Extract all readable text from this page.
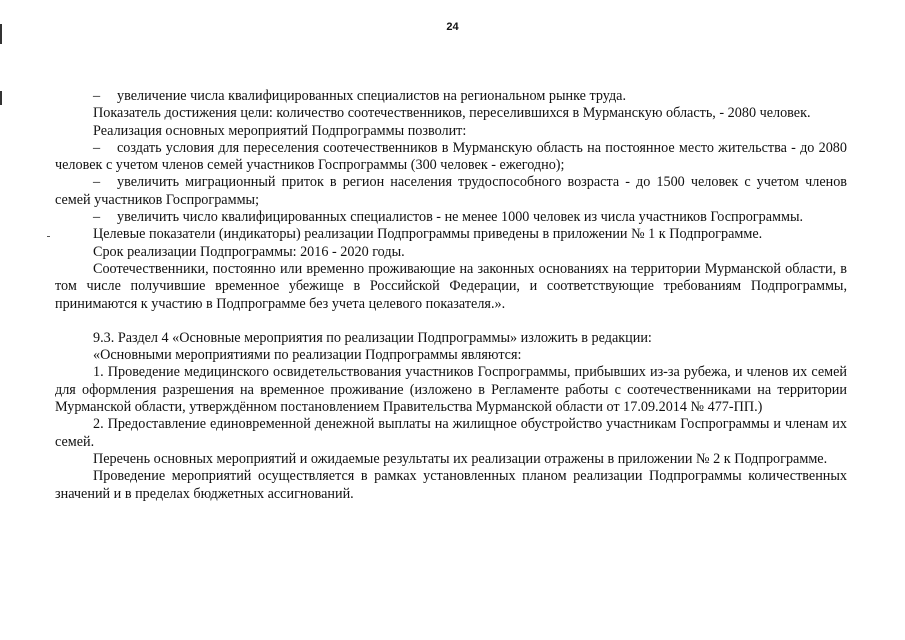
24

– увеличение числа квалифицированных специалистов на региональном рынке труда.

Показатель достижения цели: количество соотечественников, переселившихся в Мурманскую область, - 2080 человек.

Реализация основных мероприятий Подпрограммы позволит:

– создать условия для переселения соотечественников в Мурманскую область на постоянное место жительства - до 2080 человек с учетом членов семей участников Госпрограммы (300 человек - ежегодно);

– увеличить миграционный приток в регион населения трудоспособного возраста - до 1500 человек с учетом членов семей участников Госпрограммы;

– увеличить число квалифицированных специалистов - не менее 1000 человек из числа участников Госпрограммы.

Целевые показатели (индикаторы) реализации Подпрограммы приведены в приложении № 1 к Подпрограмме.

Срок реализации Подпрограммы: 2016 - 2020 годы.

Соотечественники, постоянно или временно проживающие на законных основаниях на территории Мурманской области, в том числе получившие временное убежище в Российской Федерации, и соответствующие требованиям Подпрограммы, принимаются к участию в Подпрограмме без учета целевого показателя.».

9.3. Раздел 4 «Основные мероприятия по реализации Подпрограммы» изложить в редакции:

«Основными мероприятиями по реализации Подпрограммы являются:

1. Проведение медицинского освидетельствования участников Госпрограммы, прибывших из-за рубежа, и членов их семей для оформления разрешения на временное проживание (изложено в Регламенте работы с соотечественниками на территории Мурманской области, утверждённом постановлением Правительства Мурманской области от 17.09.2014 № 477-ПП.)

2. Предоставление единовременной денежной выплаты на жилищное обустройство участникам Госпрограммы и членам их семей.

Перечень основных мероприятий и ожидаемые результаты их реализации отражены в приложении № 2 к Подпрограмме.

Проведение мероприятий осуществляется в рамках установленных планом реализации Подпрограммы количественных значений и в пределах бюджетных ассигнований.
